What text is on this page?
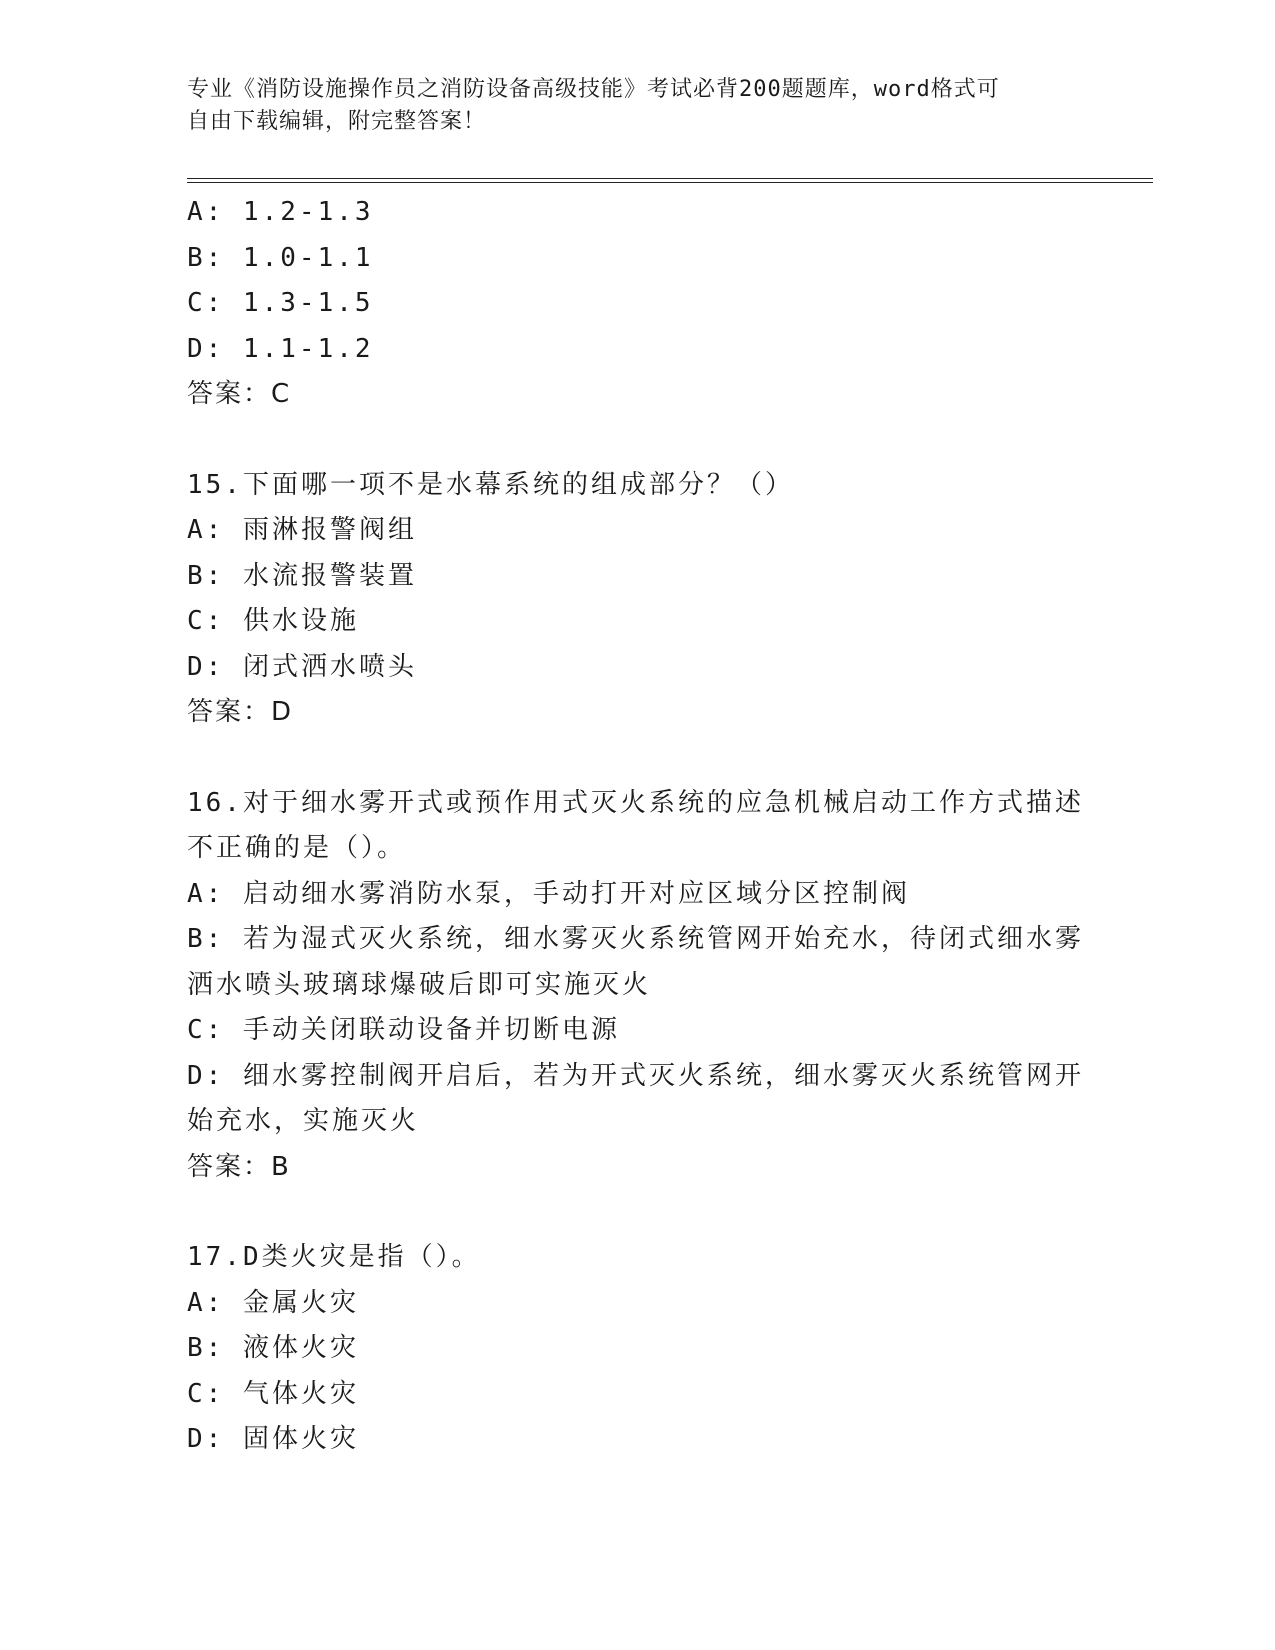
专业《消防设施操作员之消防设备高级技能》考试必背200题题库，word格式可
自由下载编辑，附完整答案！
A: 1.2-1.3
B: 1.0-1.1
C: 1.3-1.5
D: 1.1-1.2
答案：C
15.下面哪一项不是水幕系统的组成部分？（）
A: 雨淋报警阀组
B: 水流报警装置
C: 供水设施
D: 闭式洒水喷头
答案：D
16.对于细水雾开式或预作用式灭火系统的应急机械启动工作方式描述
不正确的是（）。
A: 启动细水雾消防水泵，手动打开对应区域分区控制阀
B: 若为湿式灭火系统，细水雾灭火系统管网开始充水，待闭式细水雾
洒水喷头玻璃球爆破后即可实施灭火
C: 手动关闭联动设备并切断电源
D: 细水雾控制阀开启后，若为开式灭火系统，细水雾灭火系统管网开
始充水，实施灭火
答案：B
17.D类火灾是指（）。
A: 金属火灾
B: 液体火灾
C: 气体火灾
D: 固体火灾
